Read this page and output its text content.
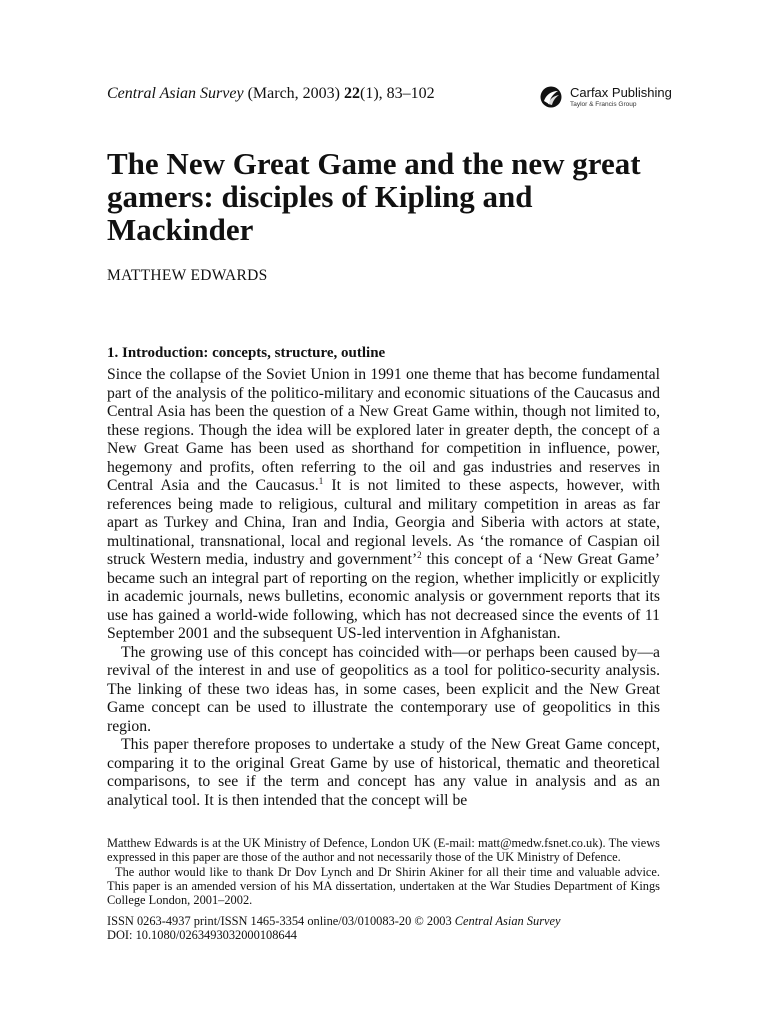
Central Asian Survey (March, 2003) 22(1), 83–102	Carfax Publishing
Taylor & Francis Group
The New Great Game and the new great gamers: disciples of Kipling and Mackinder
MATTHEW EDWARDS
1. Introduction: concepts, structure, outline

Since the collapse of the Soviet Union in 1991 one theme that has become fundamental part of the analysis of the politico-military and economic situations of the Caucasus and Central Asia has been the question of a New Great Game within, though not limited to, these regions. Though the idea will be explored later in greater depth, the concept of a New Great Game has been used as shorthand for competition in influence, power, hegemony and profits, often referring to the oil and gas industries and reserves in Central Asia and the Caucasus.$^1$ It is not limited to these aspects, however, with references being made to religious, cultural and military competition in areas as far apart as Turkey and China, Iran and India, Georgia and Siberia with actors at state, multinational, transnational, local and regional levels. As ‘the romance of Caspian oil struck Western media, industry and government’$^2$ this concept of a ‘New Great Game’ became such an integral part of reporting on the region, whether implicitly or explicitly in academic journals, news bulletins, economic analysis or government reports that its use has gained a world-wide following, which has not decreased since the events of 11 September 2001 and the subsequent US-led intervention in Afghanistan.

The growing use of this concept has coincided with—or perhaps been caused by—a revival of the interest in and use of geopolitics as a tool for politico-security analysis. The linking of these two ideas has, in some cases, been explicit and the New Great Game concept can be used to illustrate the contemporary use of geopolitics in this region.

This paper therefore proposes to undertake a study of the New Great Game concept, comparing it to the original Great Game by use of historical, thematic and theoretical comparisons, to see if the term and concept has any value in analysis and as an analytical tool. It is then intended that the concept will be

Matthew Edwards is at the UK Ministry of Defence, London UK (E-mail: matt@medw.fsnet.co.uk). The views expressed in this paper are those of the author and not necessarily those of the UK Ministry of Defence.

The author would like to thank Dr Dov Lynch and Dr Shirin Akiner for all their time and valuable advice. This paper is an amended version of his MA dissertation, undertaken at the War Studies Department of Kings College London, 2001–2002.

ISSN 0263-4937 print/ISSN 1465-3354 online/03/010083-20 © 2003 Central Asian Survey
DOI: 10.1080/0263493032000108644
